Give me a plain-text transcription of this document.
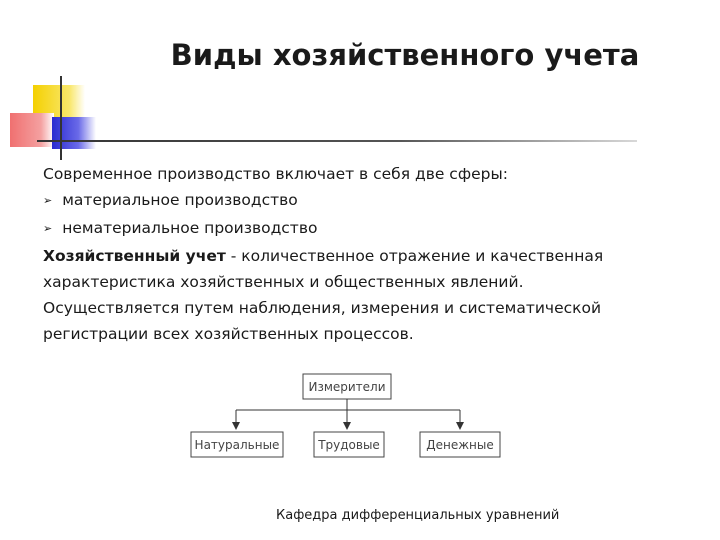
Виды хозяйственного учета
Современное производство включает в себя две сферы:
➢ материальное производство
➢ нематериальное производство
Хозяйственный учет - количественное отражение и качественная
характеристика хозяйственных и общественных явлений.
Осуществляется путем наблюдения, измерения и систематической
регистрации всех хозяйственных процессов.
Измерители
Натуральные	Трудовые	Денежные
Кафедра дифференциальных уравнений
